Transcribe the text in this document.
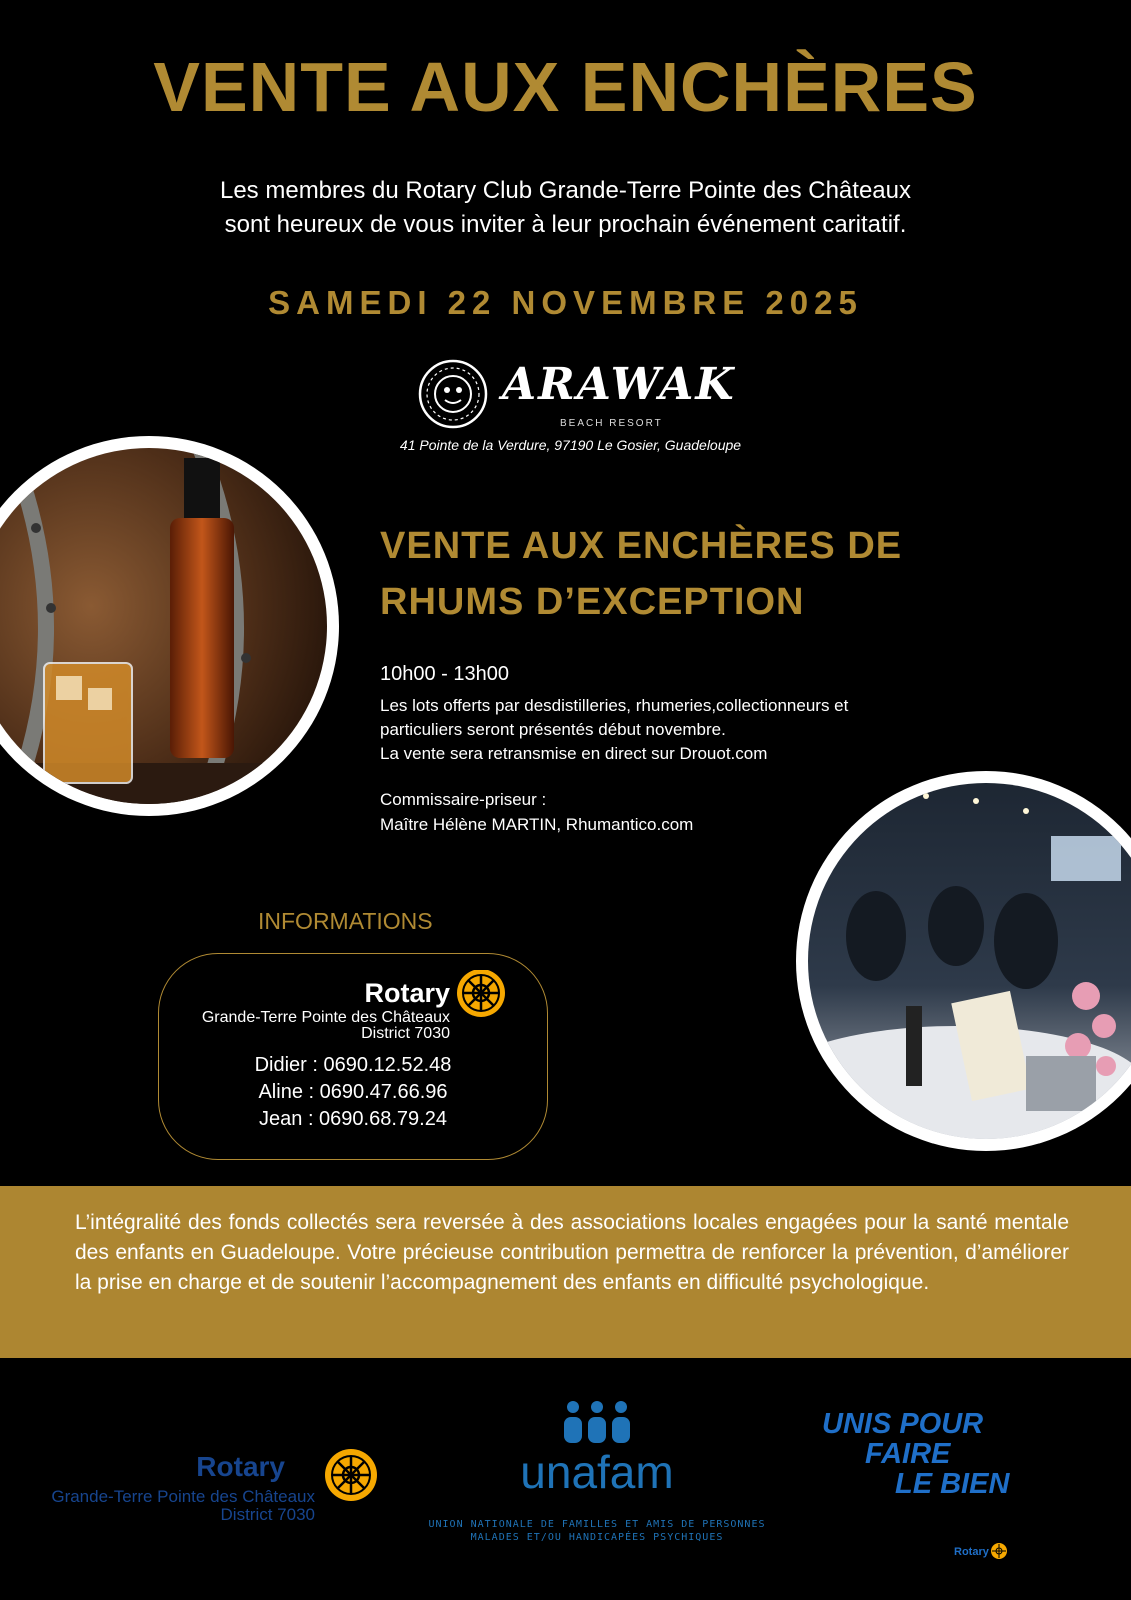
VENTE AUX ENCHÈRES
Les membres du Rotary Club Grande-Terre Pointe des Châteaux
sont heureux de vous inviter à leur prochain événement caritatif.
SAMEDI 22 NOVEMBRE 2025
ARAWAK
BEACH RESORT
41 Pointe de la Verdure, 97190 Le Gosier, Guadeloupe
VENTE AUX ENCHÈRES DE
RHUMS D’EXCEPTION
10h00 - 13h00
Les lots offerts par desdistilleries, rhumeries,collectionneurs et
particuliers seront présentés début novembre.
La vente sera retransmise en direct sur Drouot.com
Commissaire-priseur :
Maître Hélène MARTIN, Rhumantico.com
INFORMATIONS
Rotary
Grande-Terre Pointe des Châteaux
District 7030
Didier : 0690.12.52.48
Aline : 0690.47.66.96
Jean : 0690.68.79.24
L’intégralité des fonds collectés sera reversée à des associations locales engagées pour la santé mentale des enfants en Guadeloupe. Votre précieuse contribution permettra de renforcer la prévention, d’améliorer la prise en charge et de soutenir l’accompagnement des enfants en difficulté psychologique.
Rotary
Grande-Terre Pointe des Châteaux
District 7030
unafam
UNION NATIONALE DE FAMILLES ET AMIS DE PERSONNES
MALADES ET/OU HANDICAPÉES PSYCHIQUES
UNIS POUR
FAIRE
LE BIEN
Rotary
